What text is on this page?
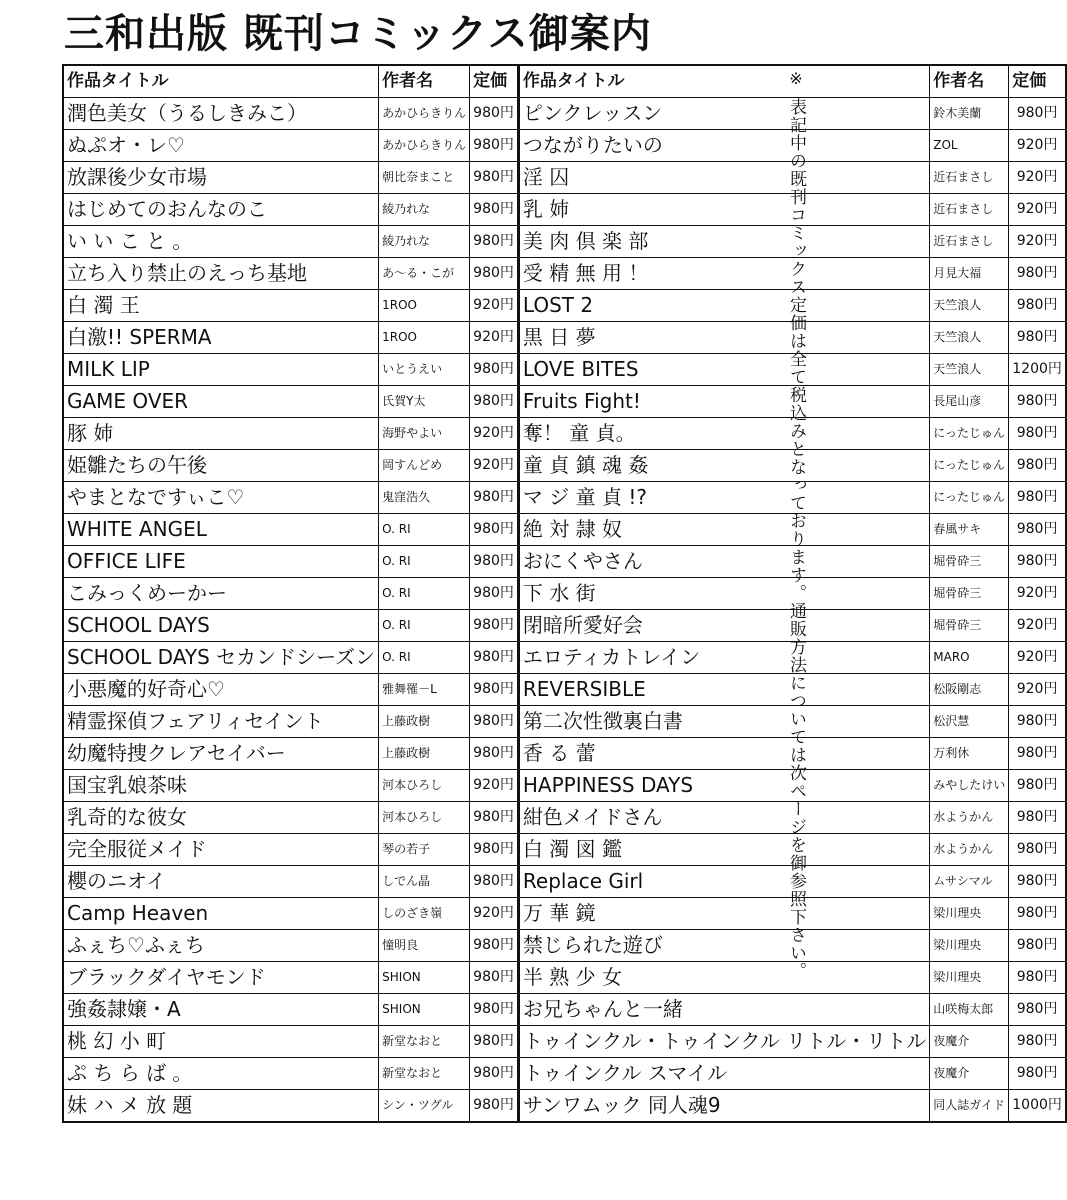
三和出版 既刊コミックス御案内
作品タイトル	作者名	定価	作品タイトル	作者名	定価
潤色美女（うるしきみこ）	あかひらきりん	980円	ピンクレッスン	鈴木美蘭	980円
ぬぷオ・レ♡	あかひらきりん	980円	つながりたいの	ZOL	920円
放課後少女市場	朝比奈まこと	980円	淫 囚	近石まさし	920円
はじめてのおんなのこ	綾乃れな	980円	乳 姉	近石まさし	920円
い い こ と 。	綾乃れな	980円	美 肉 倶 楽 部	近石まさし	920円
立ち入り禁止のえっち基地	あ～る・こが	980円	受 精 無 用 ！	月見大福	980円
白 濁 王	1ROO	920円	LOST 2	天竺浪人	980円
白激!! SPERMA	1ROO	920円	黒 日 夢	天竺浪人	980円
MILK LIP	いとうえい	980円	LOVE BITES	天竺浪人	1200円
GAME OVER	氏賀Y太	980円	Fruits Fight!	長尾山彦	980円
豚 姉	海野やよい	920円	奪！ 童 貞。	にったじゅん	980円
姫雛たちの午後	岡すんどめ	920円	童 貞 鎮 魂 姦	にったじゅん	980円
やまとなですぃこ♡	鬼窪浩久	980円	マ ジ 童 貞 !?	にったじゅん	980円
WHITE ANGEL	O. RI	980円	絶 対 隷 奴	春風サキ	980円
OFFICE LIFE	O. RI	980円	おにくやさん	堀骨砕三	980円
こみっくめーかー	O. RI	980円	下 水 街	堀骨砕三	920円
SCHOOL DAYS	O. RI	980円	閉暗所愛好会	堀骨砕三	920円
SCHOOL DAYS セカンドシーズン	O. RI	980円	エロティカトレイン	MARO	920円
小悪魔的好奇心♡	雅舞罹－L	980円	REVERSIBLE	松阪剛志	920円
精霊探偵フェアリィセイント	上藤政樹	980円	第二次性徴裏白書	松沢慧	980円
幼魔特捜クレアセイバー	上藤政樹	980円	香 る 蕾	万利休	980円
国宝乳娘茶味	河本ひろし	920円	HAPPINESS DAYS	みやしたけい	980円
乳奇的な彼女	河本ひろし	980円	紺色メイドさん	水ようかん	980円
完全服従メイド	琴の若子	980円	白 濁 図 鑑	水ようかん	980円
櫻のニオイ	しでん晶	980円	Replace Girl	ムサシマル	980円
Camp Heaven	しのざき嶺	920円	万 華 鏡	梁川理央	980円
ふぇち♡ふぇち	憧明良	980円	禁じられた遊び	梁川理央	980円
ブラックダイヤモンド	SHION	980円	半 熟 少 女	梁川理央	980円
強姦隷嬢・A	SHION	980円	お兄ちゃんと一緒	山咲梅太郎	980円
桃 幻 小 町	新堂なおと	980円	トゥインクル・トゥインクル リトル・リトル	夜魔介	980円
ぷ ち ら ば 。	新堂なおと	980円	トゥインクル スマイル	夜魔介	980円
妹 ハ メ 放 題	シン・ツグル	980円	サンワムック 同人魂9	同人誌ガイド	1000円
※
表記中の既刊コミックス定価は全て税込みとなっております。通販方法については次ページを御参照下さい。
